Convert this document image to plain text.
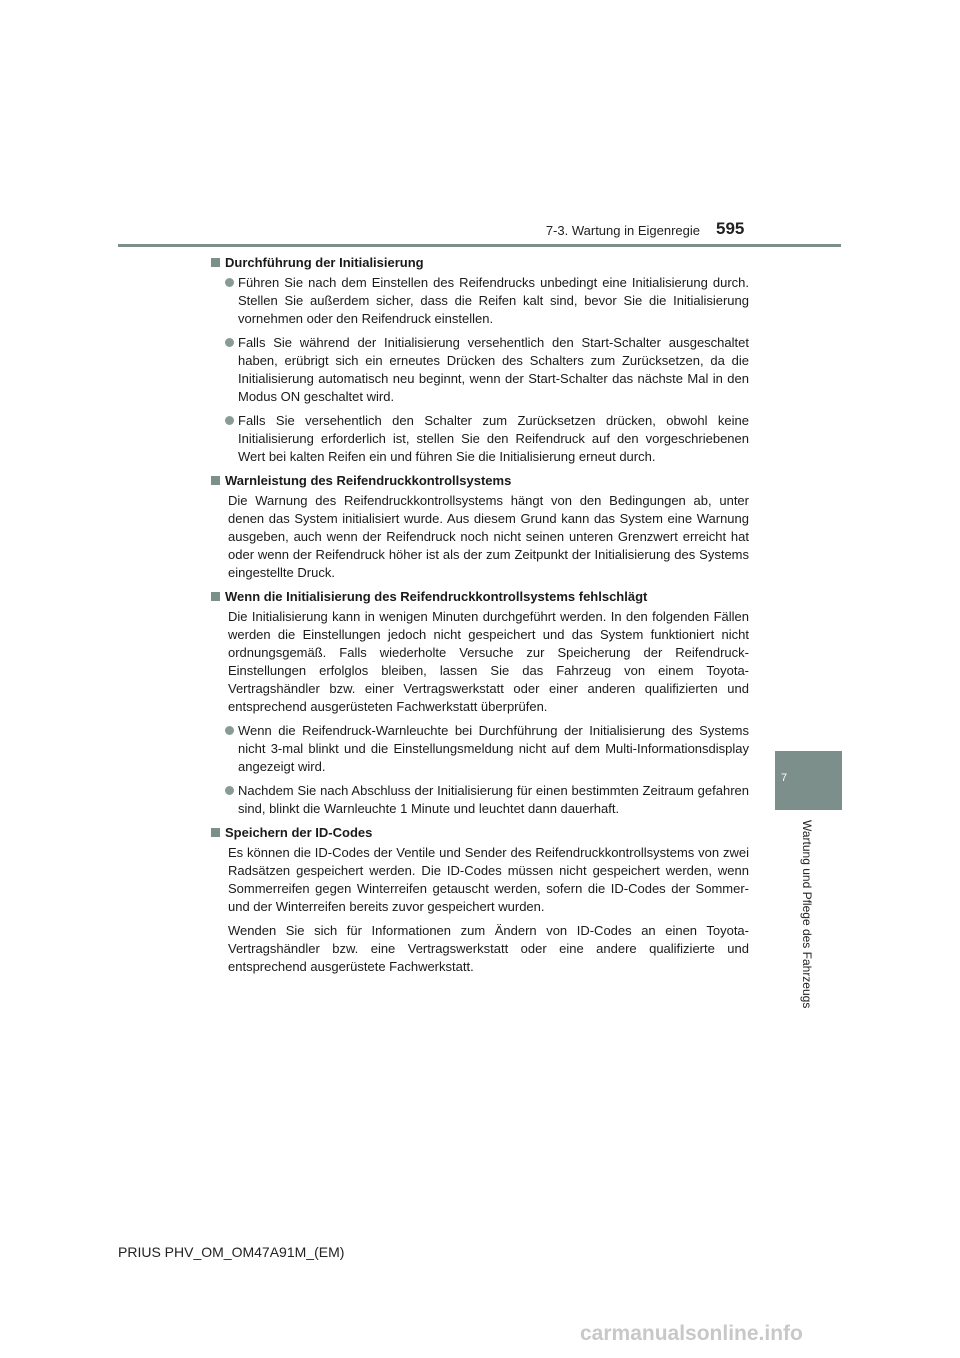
7-3. Wartung in Eigenregie 595
7
Wartung und Pflege des Fahrzeugs
Durchführung der Initialisierung
Führen Sie nach dem Einstellen des Reifendrucks unbedingt eine Initialisierung durch. Stellen Sie außerdem sicher, dass die Reifen kalt sind, bevor Sie die Initialisierung vornehmen oder den Reifendruck einstellen.
Falls Sie während der Initialisierung versehentlich den Start-Schalter ausgeschaltet haben, erübrigt sich ein erneutes Drücken des Schalters zum Zurücksetzen, da die Initialisierung automatisch neu beginnt, wenn der Start-Schalter das nächste Mal in den Modus ON geschaltet wird.
Falls Sie versehentlich den Schalter zum Zurücksetzen drücken, obwohl keine Initialisierung erforderlich ist, stellen Sie den Reifendruck auf den vorgeschriebenen Wert bei kalten Reifen ein und führen Sie die Initialisierung erneut durch.
Warnleistung des Reifendruckkontrollsystems
Die Warnung des Reifendruckkontrollsystems hängt von den Bedingungen ab, unter denen das System initialisiert wurde. Aus diesem Grund kann das System eine Warnung ausgeben, auch wenn der Reifendruck noch nicht seinen unteren Grenzwert erreicht hat oder wenn der Reifendruck höher ist als der zum Zeitpunkt der Initialisierung des Systems eingestellte Druck.
Wenn die Initialisierung des Reifendruckkontrollsystems fehlschlägt
Die Initialisierung kann in wenigen Minuten durchgeführt werden. In den folgenden Fällen werden die Einstellungen jedoch nicht gespeichert und das System funktioniert nicht ordnungsgemäß. Falls wiederholte Versuche zur Speicherung der Reifendruck-Einstellungen erfolglos bleiben, lassen Sie das Fahrzeug von einem Toyota-Vertragshändler bzw. einer Vertragswerkstatt oder einer anderen qualifizierten und entsprechend ausgerüsteten Fachwerkstatt überprüfen.
Wenn die Reifendruck-Warnleuchte bei Durchführung der Initialisierung des Systems nicht 3-mal blinkt und die Einstellungsmeldung nicht auf dem Multi-Informationsdisplay angezeigt wird.
Nachdem Sie nach Abschluss der Initialisierung für einen bestimmten Zeitraum gefahren sind, blinkt die Warnleuchte 1 Minute und leuchtet dann dauerhaft.
Speichern der ID-Codes
Es können die ID-Codes der Ventile und Sender des Reifendruckkontrollsystems von zwei Radsätzen gespeichert werden. Die ID-Codes müssen nicht gespeichert werden, wenn Sommerreifen gegen Winterreifen getauscht werden, sofern die ID-Codes der Sommer- und der Winterreifen bereits zuvor gespeichert wurden.
Wenden Sie sich für Informationen zum Ändern von ID-Codes an einen Toyota-Vertragshändler bzw. eine Vertragswerkstatt oder eine andere qualifizierte und entsprechend ausgerüstete Fachwerkstatt.
PRIUS PHV_OM_OM47A91M_(EM)
carmanualsonline.info
